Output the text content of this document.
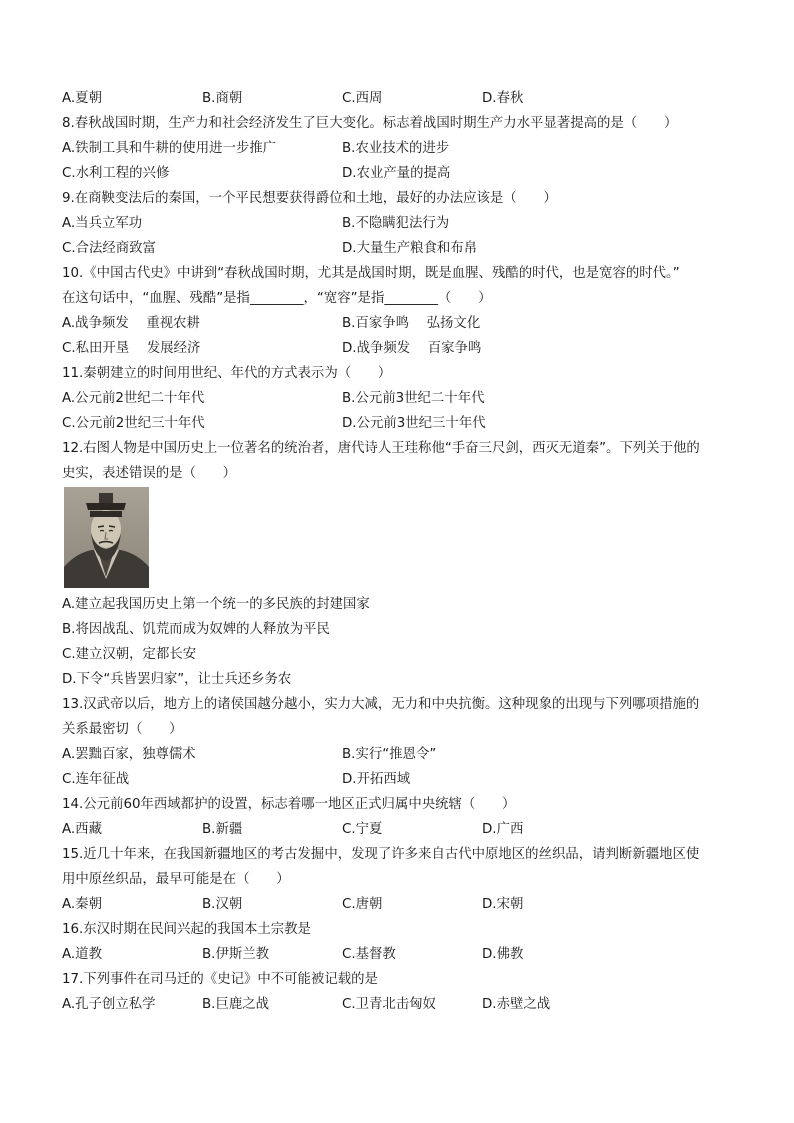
A.夏朝	B.商朝	C.西周	D.春秋
8.春秋战国时期，生产力和社会经济发生了巨大变化。标志着战国时期生产力水平显著提高的是（　　）
A.铁制工具和牛耕的使用进一步推广	B.农业技术的进步
C.水利工程的兴修	D.农业产量的提高
9.在商鞅变法后的秦国，一个平民想要获得爵位和土地，最好的办法应该是（　　）
A.当兵立军功	B.不隐瞒犯法行为
C.合法经商致富	D.大量生产粮食和布帛
10.《中国古代史》中讲到“春秋战国时期，尤其是战国时期，既是血腥、残酷的时代，也是宽容的时代。”
在这句话中，“血腥、残酷”是指________，“宽容”是指________（　　）
A.战争频发　 重视农耕	B.百家争鸣　 弘扬文化
C.私田开垦　 发展经济	D.战争频发　 百家争鸣
11.秦朝建立的时间用世纪、年代的方式表示为（　　）
A.公元前2世纪二十年代	B.公元前3世纪二十年代
C.公元前2世纪三十年代	D.公元前3世纪三十年代
12.右图人物是中国历史上一位著名的统治者，唐代诗人王珪称他“手奋三尺剑，西灭无道秦”。下列关于他的
史实，表述错误的是（　　）
A.建立起我国历史上第一个统一的多民族的封建国家
B.将因战乱、饥荒而成为奴婢的人释放为平民
C.建立汉朝，定都长安
D.下令“兵皆罢归家”，让士兵还乡务农
13.汉武帝以后，地方上的诸侯国越分越小，实力大减，无力和中央抗衡。这种现象的出现与下列哪项措施的
关系最密切（　　）
A.罢黜百家，独尊儒术	B.实行“推恩令”
C.连年征战	D.开拓西域
14.公元前60年西域都护的设置，标志着哪一地区正式归属中央统辖（　　）
A.西藏	B.新疆	C.宁夏	D.广西
15.近几十年来，在我国新疆地区的考古发掘中，发现了许多来自古代中原地区的丝织品，请判断新疆地区使
用中原丝织品，最早可能是在（　　）
A.秦朝	B.汉朝	C.唐朝	D.宋朝
16.东汉时期在民间兴起的我国本土宗教是
A.道教	B.伊斯兰教	C.基督教	D.佛教
17.下列事件在司马迁的《史记》中不可能被记载的是
A.孔子创立私学	B.巨鹿之战	C.卫青北击匈奴	D.赤壁之战
